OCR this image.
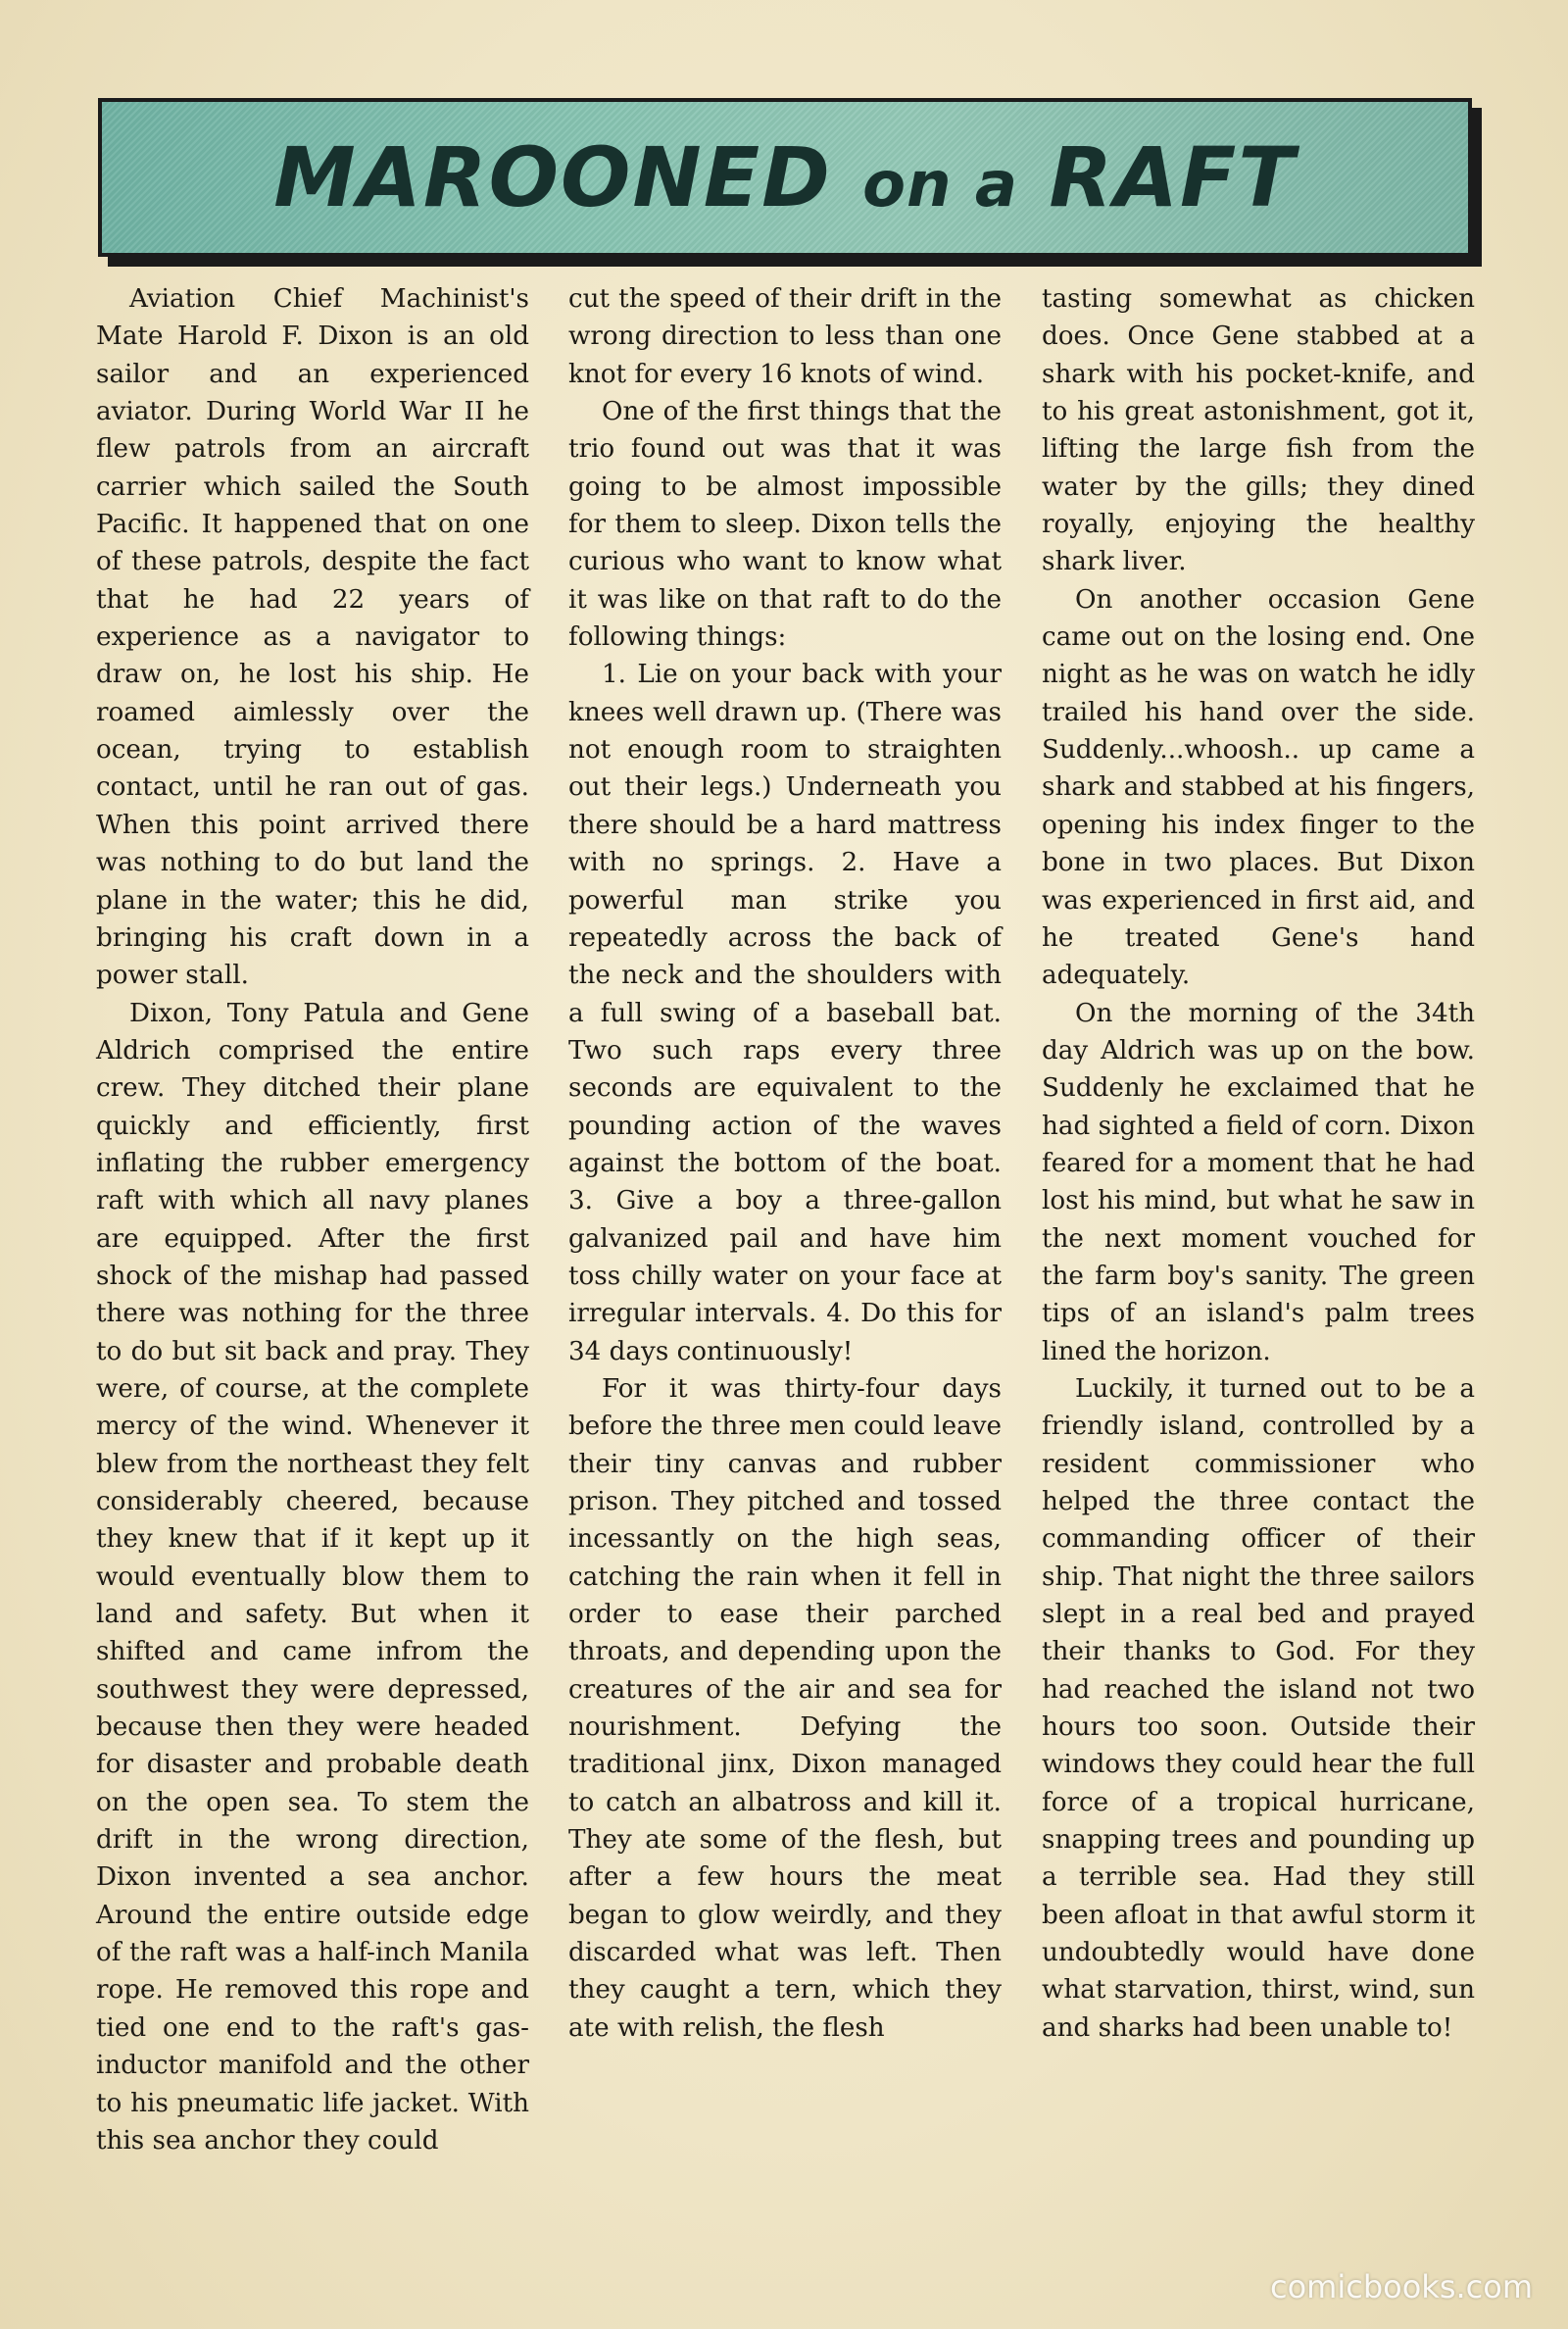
MAROONED on a RAFT

Aviation Chief Machinist's Mate Harold F. Dixon is an old sailor and an experienced aviator. During World War II he flew patrols from an aircraft carrier which sailed the South Pacific. It happened that on one of these patrols, despite the fact that he had 22 years of experience as a navigator to draw on, he lost his ship. He roamed aimlessly over the ocean, trying to establish contact, until he ran out of gas. When this point arrived there was nothing to do but land the plane in the water; this he did, bringing his craft down in a power stall.

Dixon, Tony Patula and Gene Aldrich comprised the entire crew. They ditched their plane quickly and efficiently, first inflating the rubber emergency raft with which all navy planes are equipped. After the first shock of the mishap had passed there was nothing for the three to do but sit back and pray. They were, of course, at the complete mercy of the wind. Whenever it blew from the northeast they felt considerably cheered, because they knew that if it kept up it would eventually blow them to land and safety. But when it shifted and came infrom the southwest they were depressed, because then they were headed for disaster and probable death on the open sea. To stem the drift in the wrong direction, Dixon invented a sea anchor. Around the entire outside edge of the raft was a half-inch Manila rope. He removed this rope and tied one end to the raft's gas-inductor manifold and the other to his pneumatic life jacket. With this sea anchor they could

cut the speed of their drift in the wrong direction to less than one knot for every 16 knots of wind.

One of the first things that the trio found out was that it was going to be almost impossible for them to sleep. Dixon tells the curious who want to know what it was like on that raft to do the following things:

1. Lie on your back with your knees well drawn up. (There was not enough room to straighten out their legs.) Underneath you there should be a hard mattress with no springs. 2. Have a powerful man strike you repeatedly across the back of the neck and the shoulders with a full swing of a baseball bat. Two such raps every three seconds are equivalent to the pounding action of the waves against the bottom of the boat. 3. Give a boy a three-gallon galvanized pail and have him toss chilly water on your face at irregular intervals. 4. Do this for 34 days continuously!

For it was thirty-four days before the three men could leave their tiny canvas and rubber prison. They pitched and tossed incessantly on the high seas, catching the rain when it fell in order to ease their parched throats, and depending upon the creatures of the air and sea for nourishment. Defying the traditional jinx, Dixon managed to catch an albatross and kill it. They ate some of the flesh, but after a few hours the meat began to glow weirdly, and they discarded what was left. Then they caught a tern, which they ate with relish, the flesh

tasting somewhat as chicken does. Once Gene stabbed at a shark with his pocket-knife, and to his great astonishment, got it, lifting the large fish from the water by the gills; they dined royally, enjoying the healthy shark liver.

On another occasion Gene came out on the losing end. One night as he was on watch he idly trailed his hand over the side. Suddenly...whoosh.. up came a shark and stabbed at his fingers, opening his index finger to the bone in two places. But Dixon was experienced in first aid, and he treated Gene's hand adequately.

On the morning of the 34th day Aldrich was up on the bow. Suddenly he exclaimed that he had sighted a field of corn. Dixon feared for a moment that he had lost his mind, but what he saw in the next moment vouched for the farm boy's sanity. The green tips of an island's palm trees lined the horizon.

Luckily, it turned out to be a friendly island, controlled by a resident commissioner who helped the three contact the commanding officer of their ship. That night the three sailors slept in a real bed and prayed their thanks to God. For they had reached the island not two hours too soon. Outside their windows they could hear the full force of a tropical hurricane, snapping trees and pounding up a terrible sea. Had they still been afloat in that awful storm it undoubtedly would have done what starvation, thirst, wind, sun and sharks had been unable to!

comicbooks.com
